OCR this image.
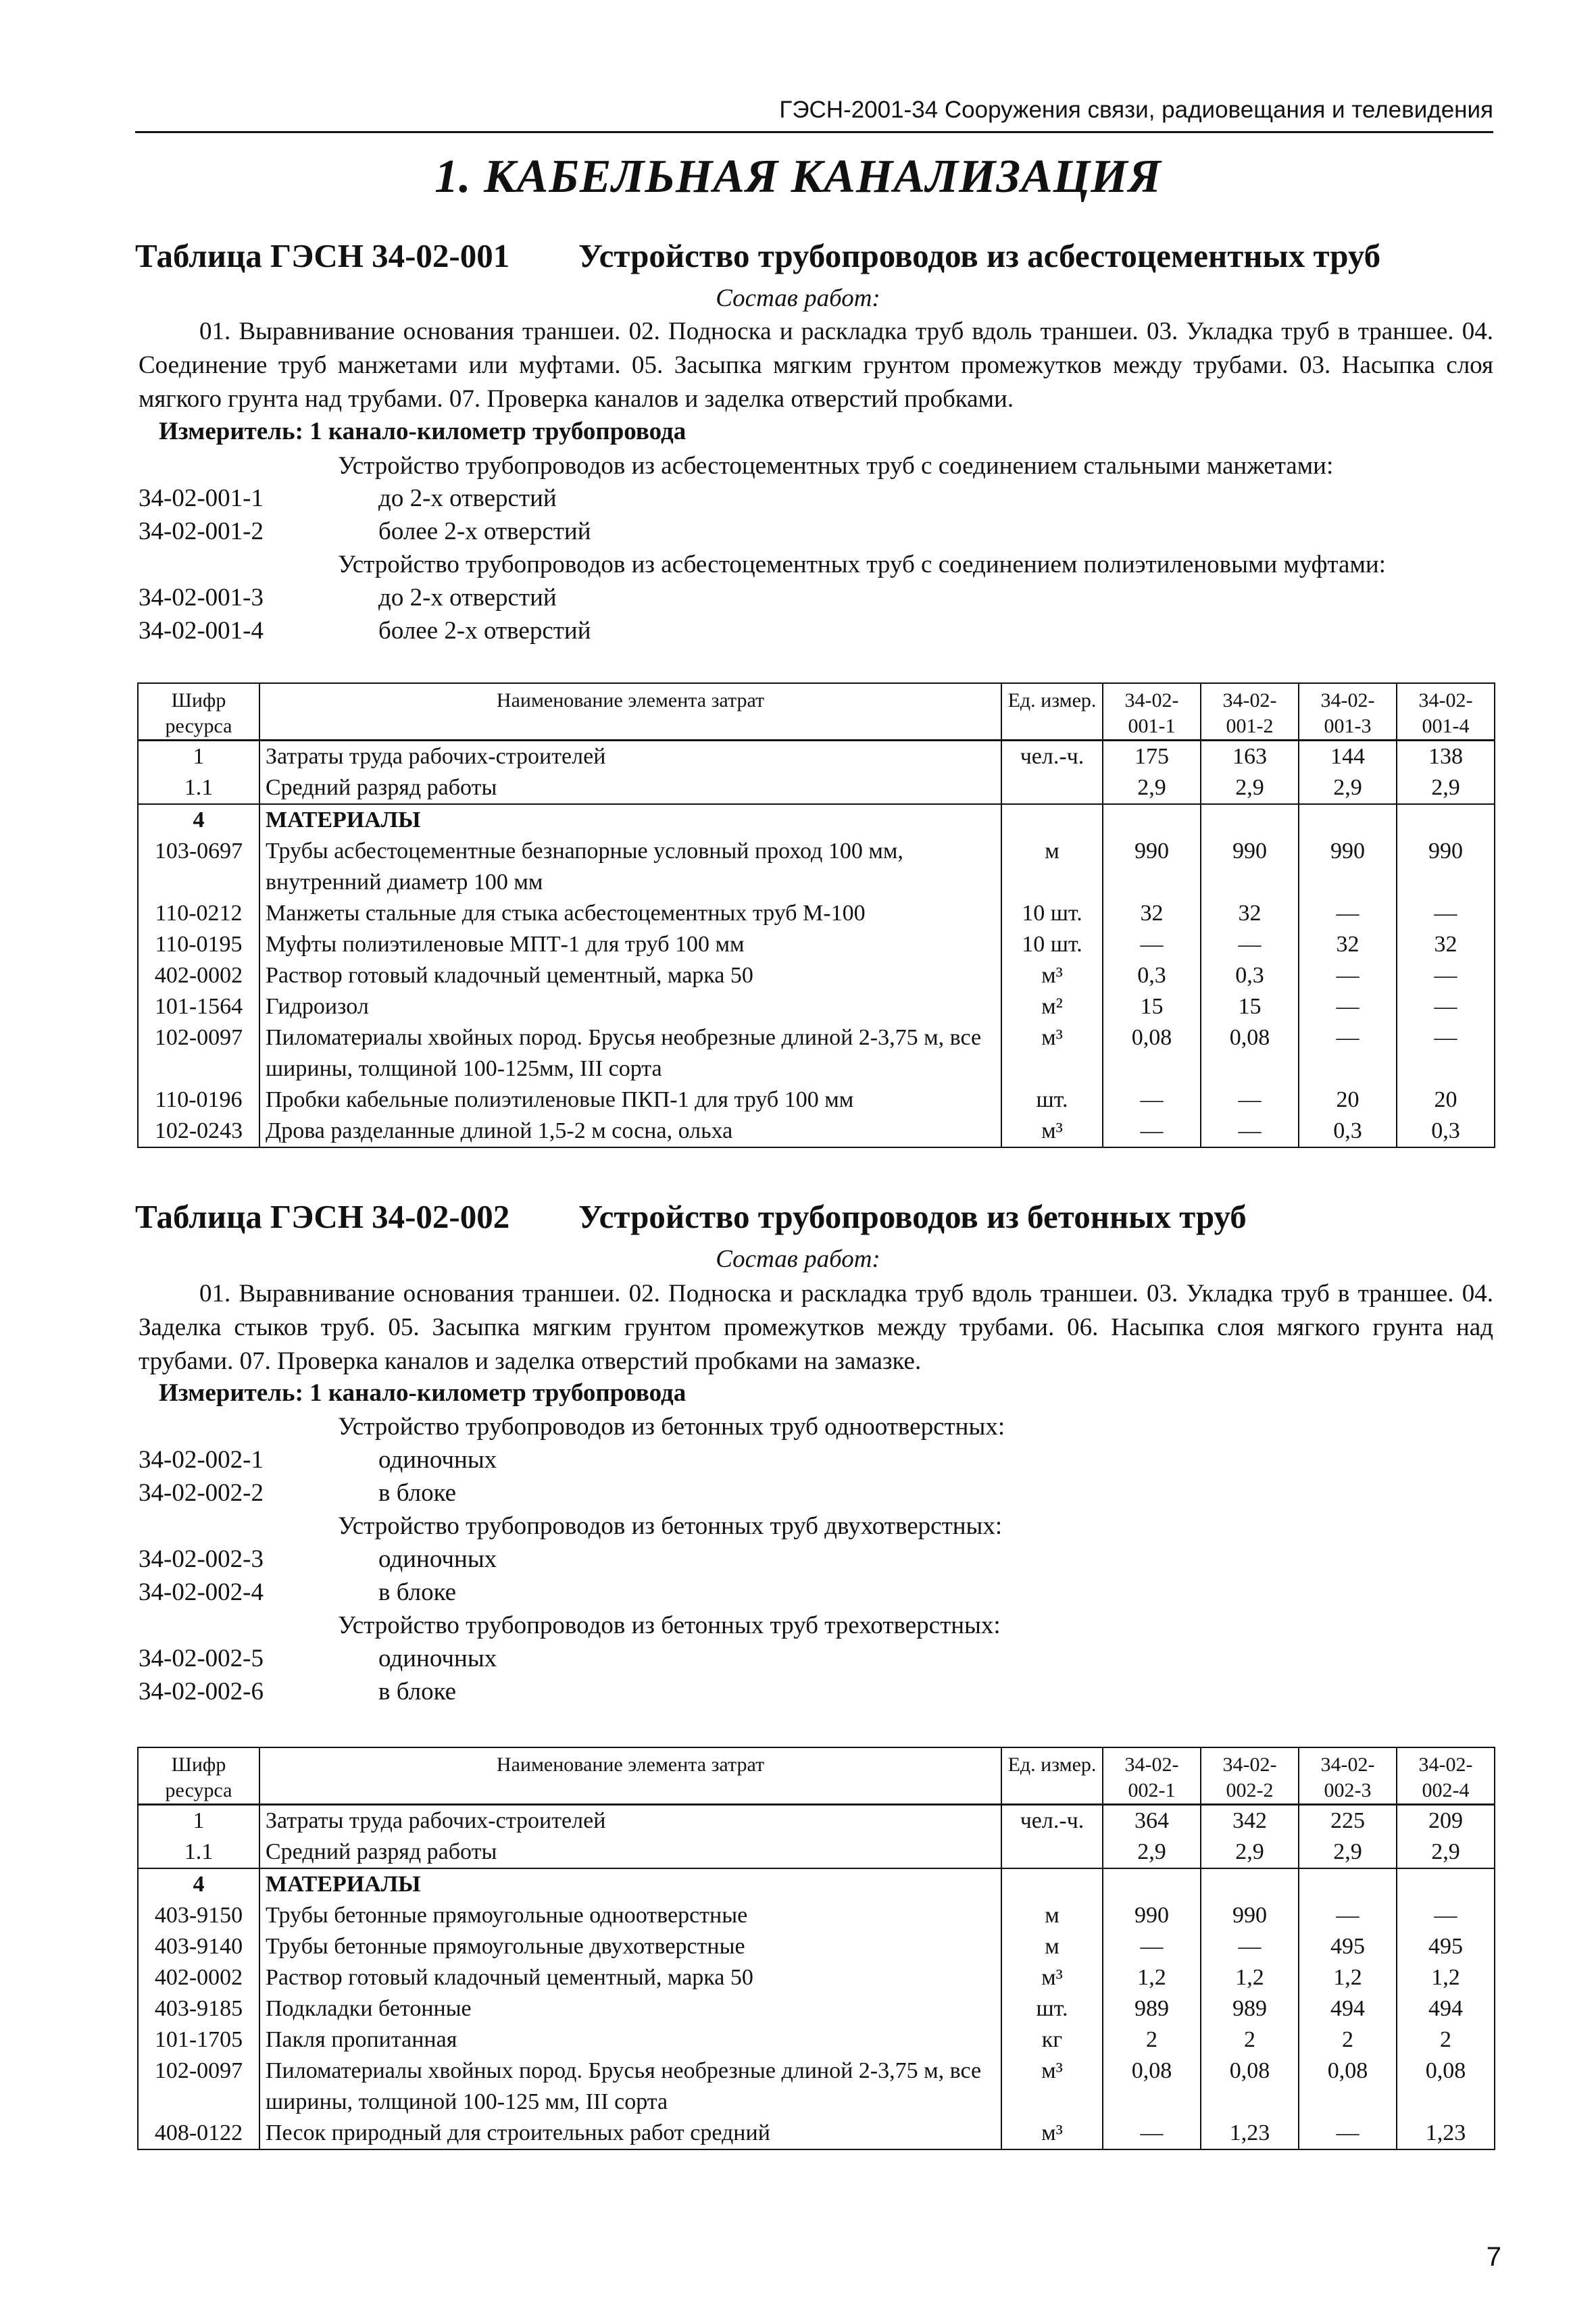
ГЭСН-2001-34 Сооружения связи, радиовещания и телевидения
1. КАБЕЛЬНАЯ КАНАЛИЗАЦИЯ
Таблица ГЭСН 34-02-001 Устройство трубопроводов из асбестоцементных труб
Состав работ:
01. Выравнивание основания траншеи. 02. Подноска и раскладка труб вдоль траншеи. 03. Укладка труб в траншее. 04. Соединение труб манжетами или муфтами. 05. Засыпка мягким грунтом промежутков между трубами. 03. Насыпка слоя мягкого грунта над трубами. 07. Проверка каналов и заделка отверстий пробками.
Измеритель: 1 канало-километр трубопровода
Устройство трубопроводов из асбестоцементных труб с соединением стальными манжетами:
34-02-001-1	до 2-х отверстий
34-02-001-2	более 2-х отверстий
Устройство трубопроводов из асбестоцементных труб с соединением полиэтиленовыми муфтами:
34-02-001-3	до 2-х отверстий
34-02-001-4	более 2-х отверстий
Шифр ресурса	Наименование элемента затрат	Ед. измер.	34-02- 001-1	34-02- 001-2	34-02- 001-3	34-02- 001-4
1	Затраты труда рабочих-строителей	чел.-ч.	175	163	144	138
1.1	Средний разряд работы		2,9	2,9	2,9	2,9
4	МАТЕРИАЛЫ					
103-0697	Трубы асбестоцементные безнапорные условный проход 100 мм, внутренний диаметр 100 мм	м	990	990	990	990
110-0212	Манжеты стальные для стыка асбестоцементных труб М-100	10 шт.	32	32	—	—
110-0195	Муфты полиэтиленовые МПТ-1 для труб 100 мм	10 шт.	—	—	32	32
402-0002	Раствор готовый кладочный цементный, марка 50	м³	0,3	0,3	—	—
101-1564	Гидроизол	м²	15	15	—	—
102-0097	Пиломатериалы хвойных пород. Брусья необрезные длиной 2-3,75 м, все ширины, толщиной 100-125мм, III сорта	м³	0,08	0,08	—	—
110-0196	Пробки кабельные полиэтиленовые ПКП-1 для труб 100 мм	шт.	—	—	20	20
102-0243	Дрова разделанные длиной 1,5-2 м сосна, ольха	м³	—	—	0,3	0,3
Таблица ГЭСН 34-02-002 Устройство трубопроводов из бетонных труб
Состав работ:
01. Выравнивание основания траншеи. 02. Подноска и раскладка труб вдоль траншеи. 03. Укладка труб в траншее. 04. Заделка стыков труб. 05. Засыпка мягким грунтом промежутков между трубами. 06. Насыпка слоя мягкого грунта над трубами. 07. Проверка каналов и заделка отверстий пробками на замазке.
Измеритель: 1 канало-километр трубопровода
Устройство трубопроводов из бетонных труб одноотверстных:
34-02-002-1	одиночных
34-02-002-2	в блоке
Устройство трубопроводов из бетонных труб двухотверстных:
34-02-002-3	одиночных
34-02-002-4	в блоке
Устройство трубопроводов из бетонных труб трехотверстных:
34-02-002-5	одиночных
34-02-002-6	в блоке
Шифр ресурса	Наименование элемента затрат	Ед. измер.	34-02- 002-1	34-02- 002-2	34-02- 002-3	34-02- 002-4
1	Затраты труда рабочих-строителей	чел.-ч.	364	342	225	209
1.1	Средний разряд работы		2,9	2,9	2,9	2,9
4	МАТЕРИАЛЫ					
403-9150	Трубы бетонные прямоугольные одноотверстные	м	990	990	—	—
403-9140	Трубы бетонные прямоугольные двухотверстные	м	—	—	495	495
402-0002	Раствор готовый кладочный цементный, марка 50	м³	1,2	1,2	1,2	1,2
403-9185	Подкладки бетонные	шт.	989	989	494	494
101-1705	Пакля пропитанная	кг	2	2	2	2
102-0097	Пиломатериалы хвойных пород. Брусья необрезные длиной 2-3,75 м, все ширины, толщиной 100-125 мм, III сорта	м³	0,08	0,08	0,08	0,08
408-0122	Песок природный для строительных работ средний	м³	—	1,23	—	1,23
7
